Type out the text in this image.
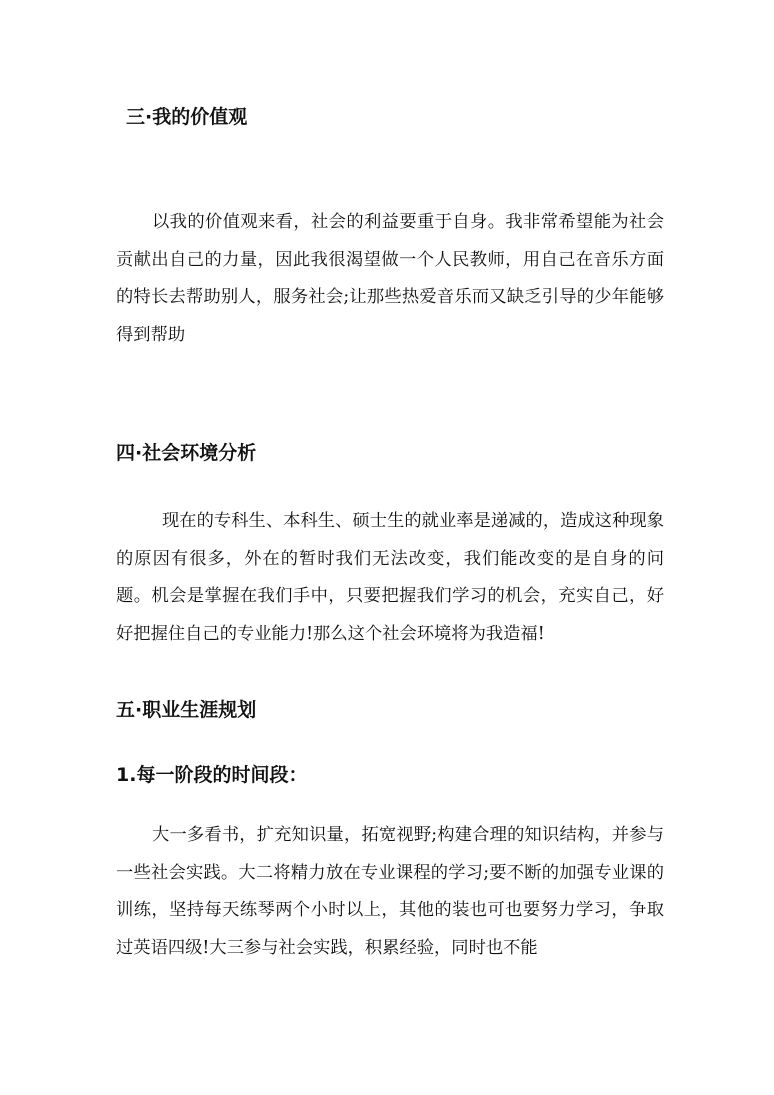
三·我的价值观

以我的价值观来看，社会的利益要重于自身。我非常希望能为社会贡献出自己的力量，因此我很渴望做一个人民教师，用自己在音乐方面的特长去帮助别人，服务社会;让那些热爱音乐而又缺乏引导的少年能够得到帮助

四·社会环境分析

现在的专科生、本科生、硕士生的就业率是递减的，造成这种现象的原因有很多，外在的暂时我们无法改变，我们能改变的是自身的问题。机会是掌握在我们手中，只要把握我们学习的机会，充实自己，好好把握住自己的专业能力!那么这个社会环境将为我造福!

五·职业生涯规划
1.每一阶段的时间段：

大一多看书，扩充知识量，拓宽视野;构建合理的知识结构，并参与一些社会实践。大二将精力放在专业课程的学习;要不断的加强专业课的训练，坚持每天练琴两个小时以上，其他的装也可也要努力学习，争取过英语四级!大三参与社会实践，积累经验，同时也不能
